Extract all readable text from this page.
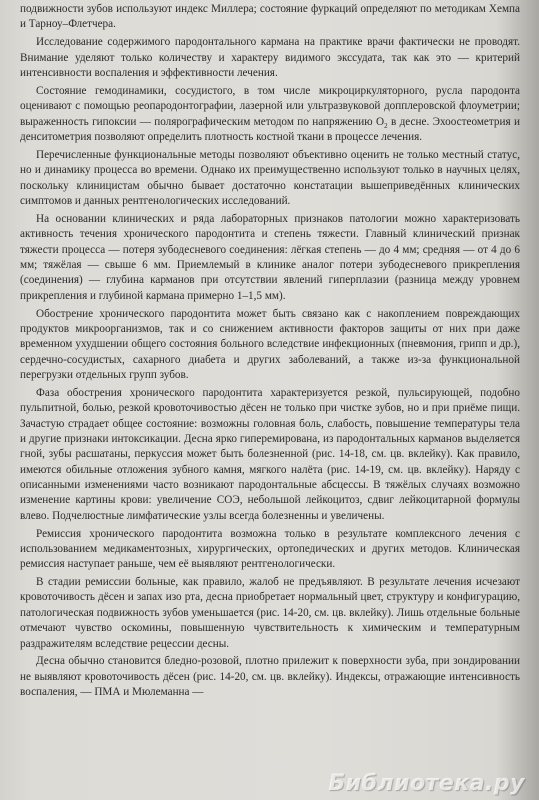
подвижности зубов используют индекс Миллера; состояние фуркаций определяют по методикам Хемпа и Тарноу–Флетчера.

Исследование содержимого пародонтального кармана на практике врачи фактически не проводят. Внимание уделяют только количеству и характеру видимого экссудата, так как это — критерий интенсивности воспаления и эффективности лечения.

Состояние гемодинамики, сосудистого, в том числе микроциркуляторного, русла пародонта оценивают с помощью реопародонтографии, лазерной или ультразвуковой допплеровской флоуметрии; выраженность гипоксии — полярографическим методом по напряжению $O_2$ в десне. Эхоостеометрия и денситометрия позволяют определить плотность костной ткани в процессе лечения.

Перечисленные функциональные методы позволяют объективно оценить не только местный статус, но и динамику процесса во времени. Однако их преимущественно используют только в научных целях, поскольку клиницистам обычно бывает достаточно констатации вышеприведённых клинических симптомов и данных рентгенологических исследований.

На основании клинических и ряда лабораторных признаков патологии можно характеризовать активность течения хронического пародонтита и степень тяжести. Главный клинический признак тяжести процесса — потеря зубодесневого соединения: лёгкая степень — до 4 мм; средняя — от 4 до 6 мм; тяжёлая — свыше 6 мм. Приемлемый в клинике аналог потери зубодесневого прикрепления (соединения) — глубина карманов при отсутствии явлений гиперплазии (разница между уровнем прикрепления и глубиной кармана примерно 1–1,5 мм).

Обострение хронического пародонтита может быть связано как с накоплением повреждающих продуктов микроорганизмов, так и со снижением активности факторов защиты от них при даже временном ухудшении общего состояния больного вследствие инфекционных (пневмония, грипп и др.), сердечно-сосудистых, сахарного диабета и других заболеваний, а также из-за функциональной перегрузки отдельных групп зубов.

Фаза обострения хронического пародонтита характеризуется резкой, пульсирующей, подобно пульпитной, болью, резкой кровоточивостью дёсен не только при чистке зубов, но и при приёме пищи. Зачастую страдает общее состояние: возможны головная боль, слабость, повышение температуры тела и другие признаки интоксикации. Десна ярко гиперемирована, из пародонтальных карманов выделяется гной, зубы расшатаны, перкуссия может быть болезненной (рис. 14-18, см. цв. вклейку). Как правило, имеются обильные отложения зубного камня, мягкого налёта (рис. 14-19, см. цв. вклейку). Наряду с описанными изменениями часто возникают пародонтальные абсцессы. В тяжёлых случаях возможно изменение картины крови: увеличение СОЭ, небольшой лейкоцитоз, сдвиг лейкоцитарной формулы влево. Подчелюстные лимфатические узлы всегда болезненны и увеличены.

Ремиссия хронического пародонтита возможна только в результате комплексного лечения с использованием медикаментозных, хирургических, ортопедических и других методов. Клиническая ремиссия наступает раньше, чем её выявляют рентгенологически.

В стадии ремиссии больные, как правило, жалоб не предъявляют. В результате лечения исчезают кровоточивость дёсен и запах изо рта, десна приобретает нормальный цвет, структуру и конфигурацию, патологическая подвижность зубов уменьшается (рис. 14-20, см. цв. вклейку). Лишь отдельные больные отмечают чувство оскомины, повышенную чувствительность к химическим и температурным раздражителям вследствие рецессии десны.

Десна обычно становится бледно-розовой, плотно прилежит к поверхности зуба, при зондировании не выявляют кровоточивость дёсен (рис. 14-20, см. цв. вклейку). Индексы, отражающие интенсивность воспаления, — ПМА и Мюлеманна —

Библиотека.ру
